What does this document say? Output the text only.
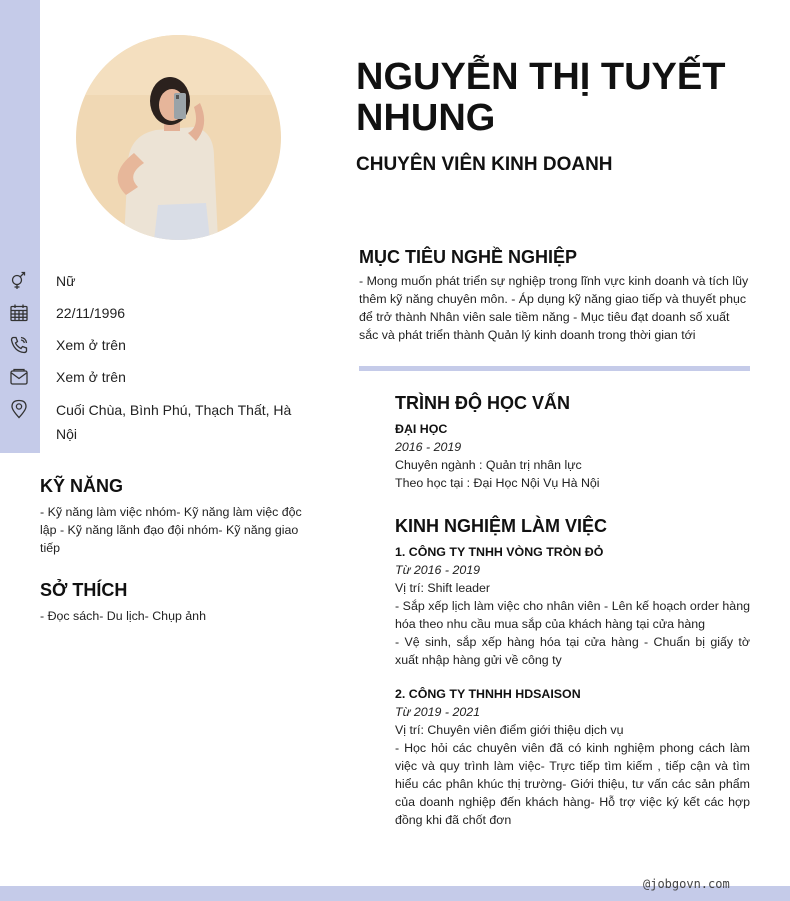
NGUYỄN THỊ TUYẾT NHUNG
CHUYÊN VIÊN KINH DOANH
Nữ
22/11/1996
Xem ở trên
Xem ở trên
Cuối Chùa, Bình Phú, Thạch Thất, Hà Nội
KỸ NĂNG
- Kỹ năng làm việc nhóm- Kỹ năng làm việc độc lập - Kỹ năng lãnh đạo đội nhóm- Kỹ năng giao tiếp
SỞ THÍCH
- Đọc sách- Du lịch- Chụp ảnh
MỤC TIÊU NGHỀ NGHIỆP
- Mong muốn phát triển sự nghiệp trong lĩnh vực kinh doanh và tích lũy thêm kỹ năng chuyên môn. - Áp dụng kỹ năng giao tiếp và thuyết phục để trở thành Nhân viên sale tiềm năng - Mục tiêu đạt doanh số xuất sắc và phát triển thành Quản lý kinh doanh trong thời gian tới
TRÌNH ĐỘ HỌC VẤN
ĐẠI HỌC
2016 - 2019
Chuyên ngành : Quản trị nhân lực
Theo học tại : Đại Học Nội Vụ Hà Nội
KINH NGHIỆM LÀM VIỆC
1. CÔNG TY TNHH VÒNG TRÒN ĐỎ
Từ 2016 - 2019
Vị trí: Shift leader
- Sắp xếp lịch làm việc cho nhân viên - Lên kế hoạch order hàng hóa theo nhu cầu mua sắp của khách hàng tại cửa hàng
- Vệ sinh, sắp xếp hàng hóa tại cửa hàng - Chuẩn bị giấy tờ xuất nhập hàng gửi về công ty
2. CÔNG TY THNHH HDSAISON
Từ 2019 - 2021
Vị trí: Chuyên viên điểm giới thiệu dịch vụ
- Học hỏi các chuyên viên đã có kinh nghiệm phong cách làm việc và quy trình làm việc- Trực tiếp tìm kiếm , tiếp cận và tìm hiểu các phân khúc thị trường- Giới thiệu, tư vấn các sản phẩm của doanh nghiệp đến khách hàng- Hỗ trợ việc ký kết các hợp đồng khi đã chốt đơn
@jobgovn.com
